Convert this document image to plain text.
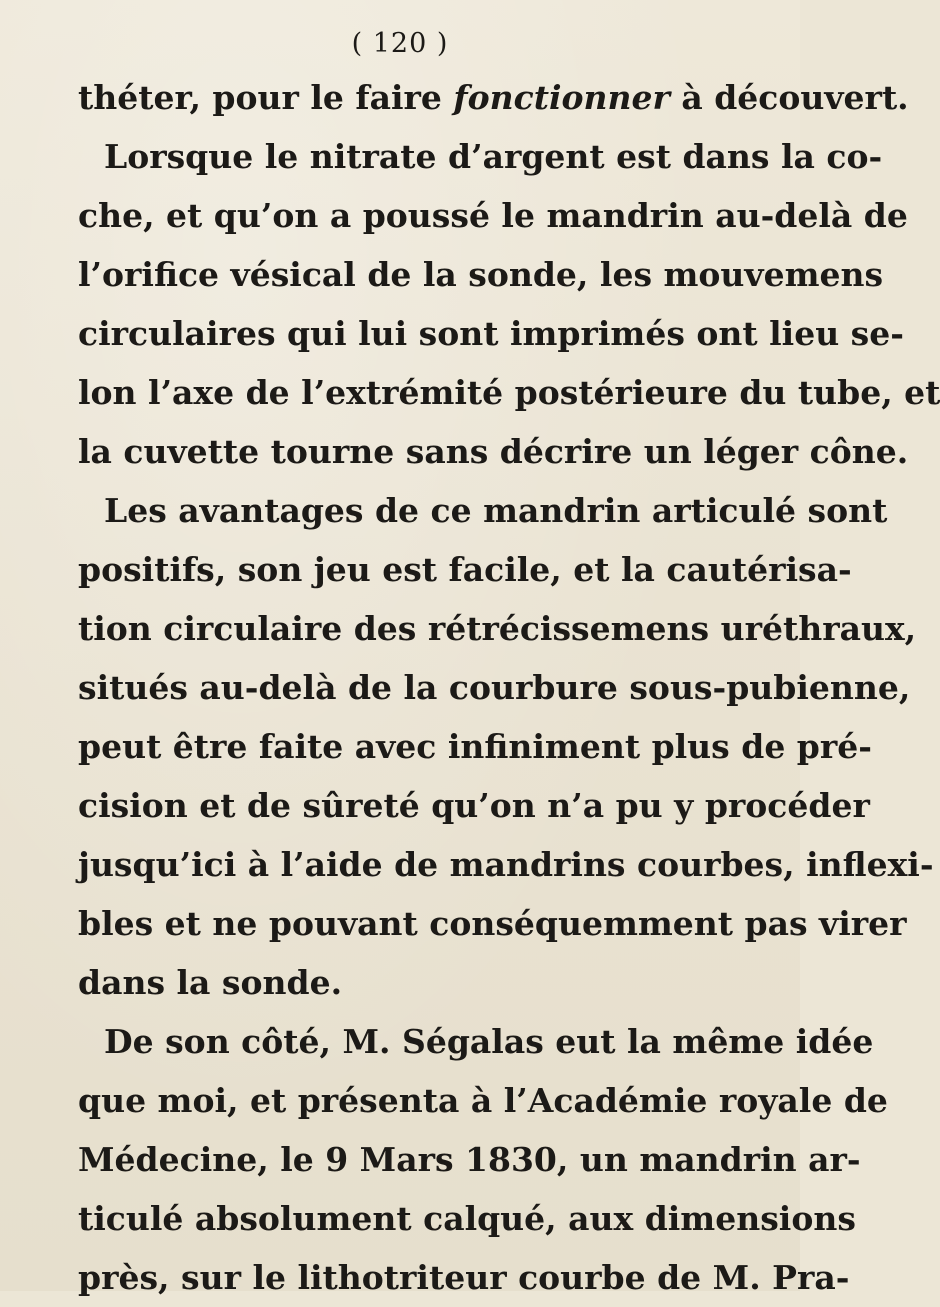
( 120 )
théter, pour le faire fonctionner à découvert.
Lorsque le nitrate d’argent est dans la co-
che, et qu’on a poussé le mandrin au-delà de
l’orifice vésical de la sonde, les mouvemens
circulaires qui lui sont imprimés ont lieu se-
lon l’axe de l’extrémité postérieure du tube, et
la cuvette tourne sans décrire un léger cône.
Les avantages de ce mandrin articulé sont
positifs, son jeu est facile, et la cautérisa-
tion circulaire des rétrécissemens uréthraux,
situés au-delà de la courbure sous-pubienne,
peut être faite avec infiniment plus de pré-
cision et de sûreté qu’on n’a pu y procéder
jusqu’ici à l’aide de mandrins courbes, inflexi-
bles et ne pouvant conséquemment pas virer
dans la sonde.
De son côté, M. Ségalas eut la même idée
que moi, et présenta à l’Académie royale de
Médecine, le 9 Mars 1830, un mandrin ar-
ticulé absolument calqué, aux dimensions
près, sur le lithotriteur courbe de M. Pra-
